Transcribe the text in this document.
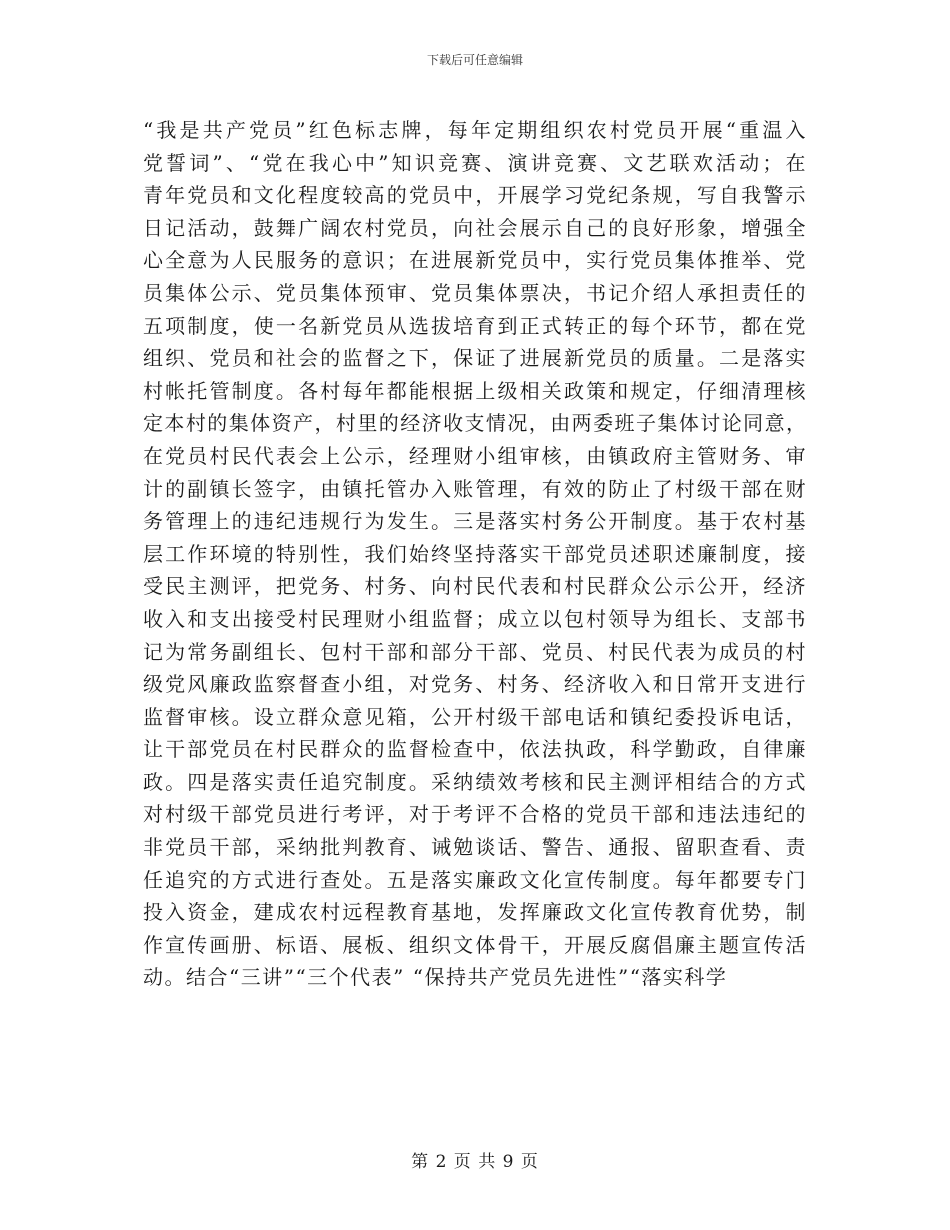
下载后可任意编辑
“我是共产党员”红色标志牌，每年定期组织农村党员开展“重温入
党誓词”、“党在我心中”知识竞赛、演讲竞赛、文艺联欢活动；在
青年党员和文化程度较高的党员中，开展学习党纪条规，写自我警示
日记活动，鼓舞广阔农村党员，向社会展示自己的良好形象，增强全
心全意为人民服务的意识；在进展新党员中，实行党员集体推举、党
员集体公示、党员集体预审、党员集体票决，书记介绍人承担责任的
五项制度，使一名新党员从选拔培育到正式转正的每个环节，都在党
组织、党员和社会的监督之下，保证了进展新党员的质量。二是落实
村帐托管制度。各村每年都能根据上级相关政策和规定，仔细清理核
定本村的集体资产，村里的经济收支情况，由两委班子集体讨论同意，
在党员村民代表会上公示，经理财小组审核，由镇政府主管财务、审
计的副镇长签字，由镇托管办入账管理，有效的防止了村级干部在财
务管理上的违纪违规行为发生。三是落实村务公开制度。基于农村基
层工作环境的特别性，我们始终坚持落实干部党员述职述廉制度，接
受民主测评，把党务、村务、向村民代表和村民群众公示公开，经济
收入和支出接受村民理财小组监督；成立以包村领导为组长、支部书
记为常务副组长、包村干部和部分干部、党员、村民代表为成员的村
级党风廉政监察督查小组，对党务、村务、经济收入和日常开支进行
监督审核。设立群众意见箱，公开村级干部电话和镇纪委投诉电话，
让干部党员在村民群众的监督检查中，依法执政，科学勤政，自律廉
政。四是落实责任追究制度。采纳绩效考核和民主测评相结合的方式
对村级干部党员进行考评，对于考评不合格的党员干部和违法违纪的
非党员干部，采纳批判教育、诫勉谈话、警告、通报、留职查看、责
任追究的方式进行查处。五是落实廉政文化宣传制度。每年都要专门
投入资金，建成农村远程教育基地，发挥廉政文化宣传教育优势，制
作宣传画册、标语、展板、组织文体骨干，开展反腐倡廉主题宣传活
动。结合“三讲”“三个代表” “保持共产党员先进性”“落实科学
第 2 页 共 9 页
